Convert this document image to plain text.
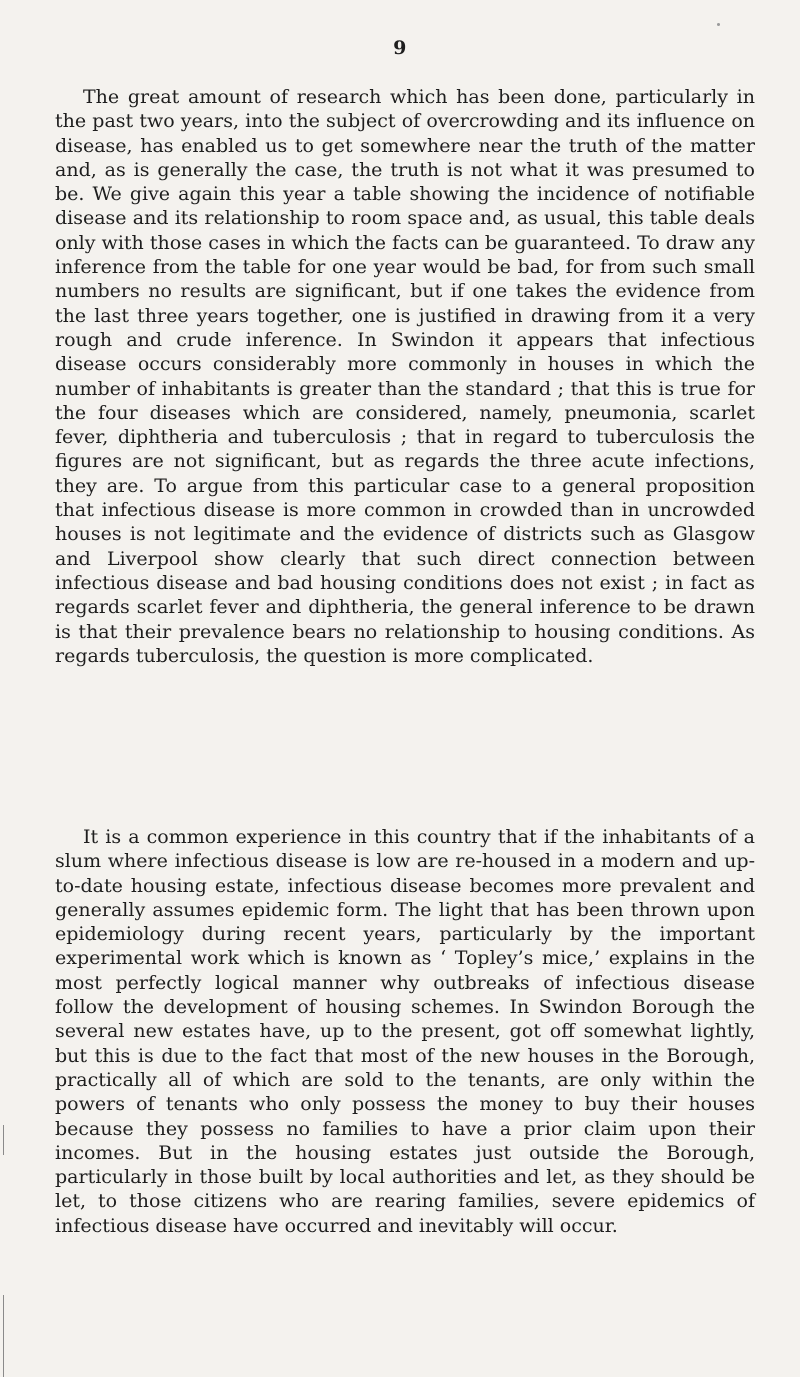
9

The great amount of research which has been done, particularly in the past two years, into the subject of overcrowding and its influence on disease, has enabled us to get somewhere near the truth of the matter and, as is generally the case, the truth is not what it was presumed to be. We give again this year a table showing the incidence of notifiable disease and its relationship to room space and, as usual, this table deals only with those cases in which the facts can be guaranteed. To draw any inference from the table for one year would be bad, for from such small numbers no results are significant, but if one takes the evidence from the last three years together, one is justified in drawing from it a very rough and crude inference. In Swindon it appears that infectious disease occurs considerably more commonly in houses in which the number of inhabitants is greater than the standard ; that this is true for the four diseases which are considered, namely, pneumonia, scarlet fever, diphtheria and tuberculosis ; that in regard to tuberculosis the figures are not significant, but as regards the three acute infections, they are. To argue from this particular case to a general proposition that infectious disease is more common in crowded than in uncrowded houses is not legitimate and the evidence of districts such as Glasgow and Liverpool show clearly that such direct connection between infectious disease and bad housing conditions does not exist ; in fact as regards scarlet fever and diphtheria, the general inference to be drawn is that their prevalence bears no relationship to housing conditions. As regards tuberculosis, the question is more complicated.

It is a common experience in this country that if the inhabitants of a slum where infectious disease is low are re-housed in a modern and up-to-date housing estate, infectious disease becomes more prevalent and generally assumes epidemic form. The light that has been thrown upon epidemiology during recent years, particularly by the important experimental work which is known as ‘ Topley’s mice,’ explains in the most perfectly logical manner why outbreaks of infectious disease follow the development of housing schemes. In Swindon Borough the several new estates have, up to the present, got off somewhat lightly, but this is due to the fact that most of the new houses in the Borough, practically all of which are sold to the tenants, are only within the powers of tenants who only possess the money to buy their houses because they possess no families to have a prior claim upon their incomes. But in the housing estates just outside the Borough, particularly in those built by local authorities and let, as they should be let, to those citizens who are rearing families, severe epidemics of infectious disease have occurred and inevitably will occur.
